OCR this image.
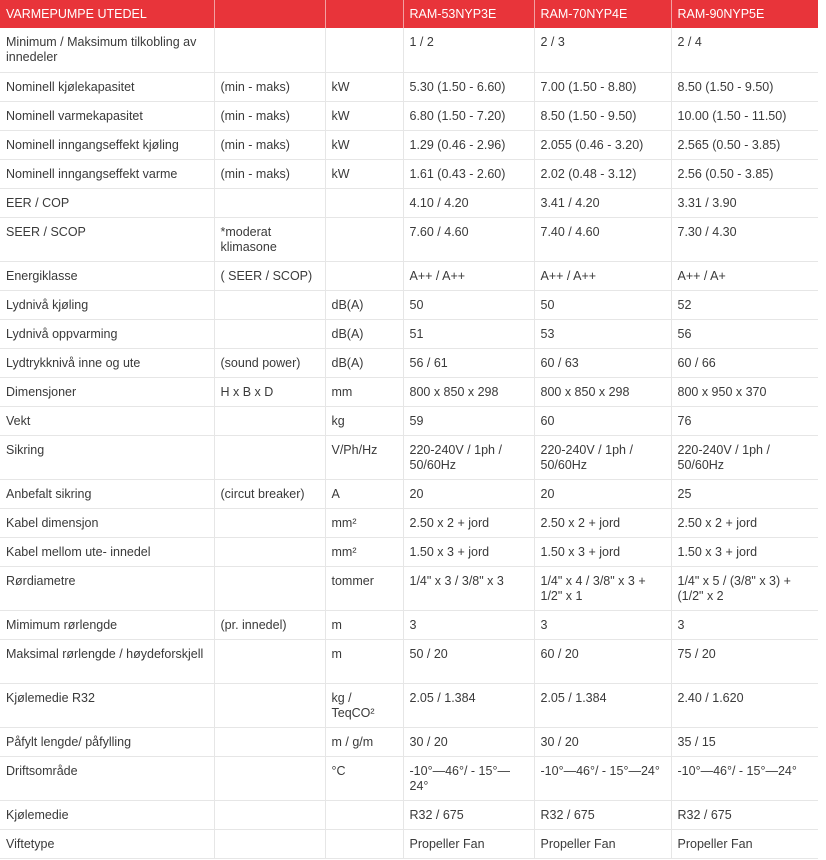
VARMEPUMPE UTEDEL			RAM-53NYP3E	RAM-70NYP4E	RAM-90NYP5E
Minimum / Maksimum tilkobling av innedeler			1 / 2	2 / 3	2 / 4
Nominell kjølekapasitet	(min - maks)	kW	5.30 (1.50 - 6.60)	7.00 (1.50 - 8.80)	8.50 (1.50 - 9.50)
Nominell varmekapasitet	(min - maks)	kW	6.80 (1.50 - 7.20)	8.50 (1.50 - 9.50)	10.00 (1.50 - 11.50)
Nominell inngangseffekt kjøling	(min - maks)	kW	1.29 (0.46 - 2.96)	2.055 (0.46 - 3.20)	2.565 (0.50 - 3.85)
Nominell inngangseffekt varme	(min - maks)	kW	1.61 (0.43 - 2.60)	2.02 (0.48 - 3.12)	2.56 (0.50 - 3.85)
EER / COP			4.10 / 4.20	3.41 / 4.20	3.31 / 3.90
SEER / SCOP	*moderat klimasone		7.60 / 4.60	7.40 / 4.60	7.30 / 4.30
Energiklasse	( SEER / SCOP)		A++ / A++	A++ / A++	A++ / A+
Lydnivå kjøling		dB(A)	50	50	52
Lydnivå oppvarming		dB(A)	51	53	56
Lydtrykknivå inne og ute	(sound power)	dB(A)	56 / 61	60 / 63	60 / 66
Dimensjoner	H x B x D	mm	800 x 850 x 298	800 x 850 x 298	800 x 950 x 370
Vekt		kg	59	60	76
Sikring		V/Ph/Hz	220-240V / 1ph / 50/60Hz	220-240V / 1ph / 50/60Hz	220-240V / 1ph / 50/60Hz
Anbefalt sikring	(circut breaker)	A	20	20	25
Kabel dimensjon		mm²	2.50 x 2 + jord	2.50 x 2 + jord	2.50 x 2 + jord
Kabel mellom ute- innedel		mm²	1.50 x 3 + jord	1.50 x 3 + jord	1.50 x 3 + jord
Rørdiametre		tommer	1/4" x 3 / 3/8" x 3	1/4" x 4 / 3/8" x 3 + 1/2" x 1	1/4" x 5 / (3/8" x 3) + (1/2" x 2
Mimimum rørlengde	(pr. innedel)	m	3	3	3
Maksimal rørlengde / høydeforskjell		m	50 / 20	60 / 20	75 / 20
Kjølemedie R32		kg / TeqCO²	2.05 / 1.384	2.05 / 1.384	2.40 / 1.620
Påfylt lengde/ påfylling		m / g/m	30 / 20	30 / 20	35 / 15
Driftsområde		°C	-10°—46°/ - 15°—24°	-10°—46°/ - 15°—24°	-10°—46°/ - 15°—24°
Kjølemedie			R32 / 675	R32 / 675	R32 / 675
Viftetype			Propeller Fan	Propeller Fan	Propeller Fan
